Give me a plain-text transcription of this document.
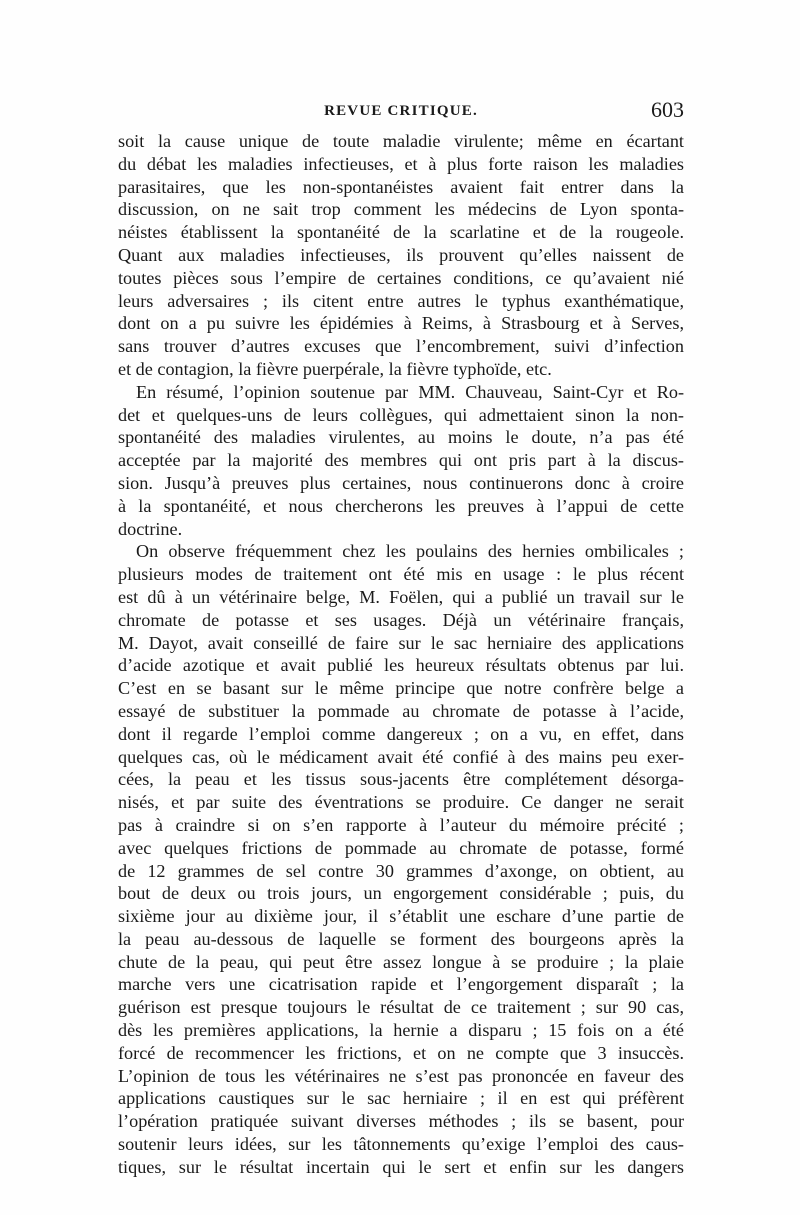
REVUE CRITIQUE.	603
soit la cause unique de toute maladie virulente; même en écartant
du débat les maladies infectieuses, et à plus forte raison les maladies
parasitaires, que les non-spontanéistes avaient fait entrer dans la
discussion, on ne sait trop comment les médecins de Lyon sponta-
néistes établissent la spontanéité de la scarlatine et de la rougeole.
Quant aux maladies infectieuses, ils prouvent qu’elles naissent de
toutes pièces sous l’empire de certaines conditions, ce qu’avaient nié
leurs adversaires ; ils citent entre autres le typhus exanthématique,
dont on a pu suivre les épidémies à Reims, à Strasbourg et à Serves,
sans trouver d’autres excuses que l’encombrement, suivi d’infection
et de contagion, la fièvre puerpérale, la fièvre typhoïde, etc.
En résumé, l’opinion soutenue par MM. Chauveau, Saint-Cyr et Ro-
det et quelques-uns de leurs collègues, qui admettaient sinon la non-
spontanéité des maladies virulentes, au moins le doute, n’a pas été
acceptée par la majorité des membres qui ont pris part à la discus-
sion. Jusqu’à preuves plus certaines, nous continuerons donc à croire
à la spontanéité, et nous chercherons les preuves à l’appui de cette
doctrine.
On observe fréquemment chez les poulains des hernies ombilicales ;
plusieurs modes de traitement ont été mis en usage : le plus récent
est dû à un vétérinaire belge, M. Foëlen, qui a publié un travail sur le
chromate de potasse et ses usages. Déjà un vétérinaire français,
M. Dayot, avait conseillé de faire sur le sac herniaire des applications
d’acide azotique et avait publié les heureux résultats obtenus par lui.
C’est en se basant sur le même principe que notre confrère belge a
essayé de substituer la pommade au chromate de potasse à l’acide,
dont il regarde l’emploi comme dangereux ; on a vu, en effet, dans
quelques cas, où le médicament avait été confié à des mains peu exer-
cées, la peau et les tissus sous-jacents être complétement désorga-
nisés, et par suite des éventrations se produire. Ce danger ne serait
pas à craindre si on s’en rapporte à l’auteur du mémoire précité ;
avec quelques frictions de pommade au chromate de potasse, formé
de 12 grammes de sel contre 30 grammes d’axonge, on obtient, au
bout de deux ou trois jours, un engorgement considérable ; puis, du
sixième jour au dixième jour, il s’établit une eschare d’une partie de
la peau au-dessous de laquelle se forment des bourgeons après la
chute de la peau, qui peut être assez longue à se produire ; la plaie
marche vers une cicatrisation rapide et l’engorgement disparaît ; la
guérison est presque toujours le résultat de ce traitement ; sur 90 cas,
dès les premières applications, la hernie a disparu ; 15 fois on a été
forcé de recommencer les frictions, et on ne compte que 3 insuccès.
L’opinion de tous les vétérinaires ne s’est pas prononcée en faveur des
applications caustiques sur le sac herniaire ; il en est qui préfèrent
l’opération pratiquée suivant diverses méthodes ; ils se basent, pour
soutenir leurs idées, sur les tâtonnements qu’exige l’emploi des caus-
tiques, sur le résultat incertain qui le sert et enfin sur les dangers
